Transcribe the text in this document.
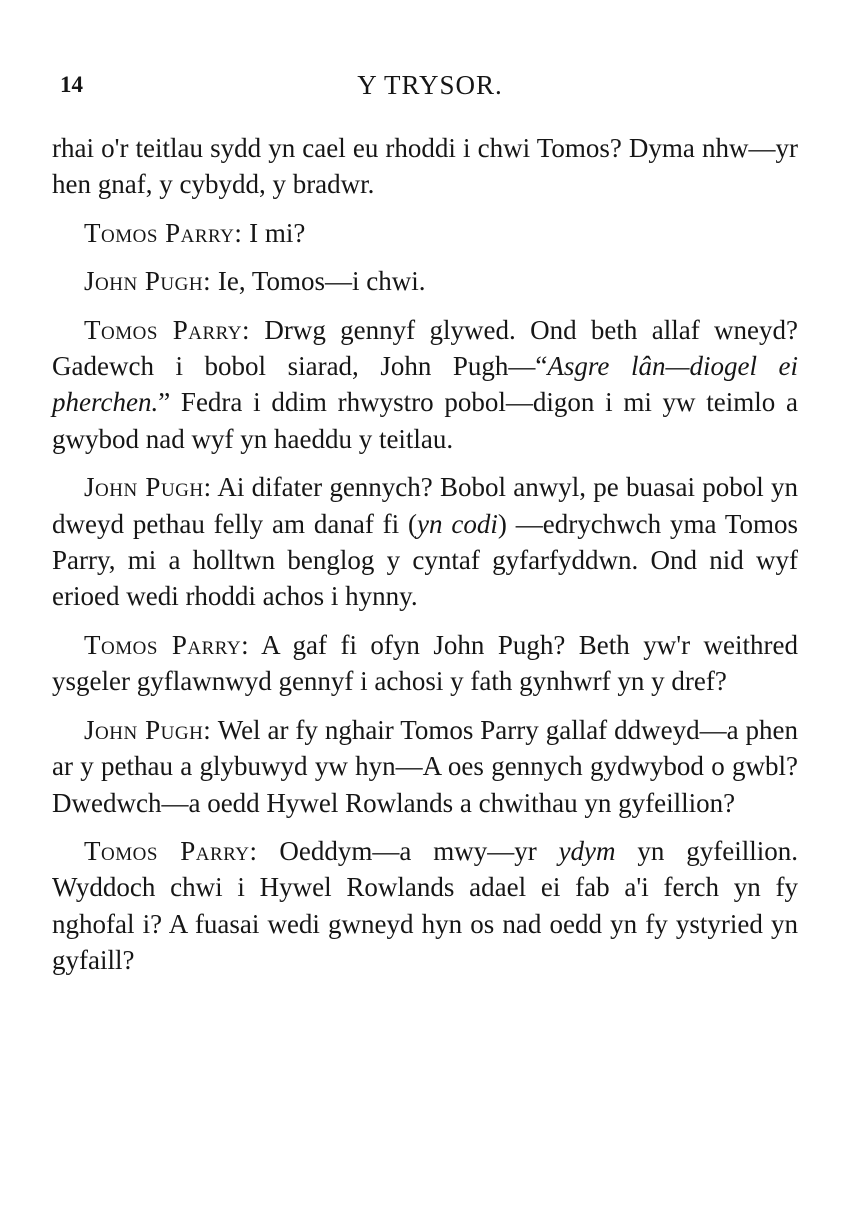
14	Y TRYSOR.

rhai o'r teitlau sydd yn cael eu rhoddi i chwi Tomos? Dyma nhw—yr hen gnaf, y cybydd, y bradwr.

Tomos Parry: I mi?

John Pugh: Ie, Tomos—i chwi.

Tomos Parry: Drwg gennyf glywed. Ond beth allaf wneyd? Gadewch i bobol siarad, John Pugh—“Asgre lân—diogel ei pherchen.” Fedra i ddim rhwystro pobol—digon i mi yw teimlo a gwybod nad wyf yn haeddu y teitlau.

John Pugh: Ai difater gennych? Bobol anwyl, pe buasai pobol yn dweyd pethau felly am danaf fi (yn codi) —edrychwch yma Tomos Parry, mi a holltwn benglog y cyntaf gyfarfyddwn. Ond nid wyf erioed wedi rhoddi achos i hynny.

Tomos Parry: A gaf fi ofyn John Pugh? Beth yw'r weithred ysgeler gyflawnwyd gennyf i achosi y fath gynhwrf yn y dref?

John Pugh: Wel ar fy nghair Tomos Parry gallaf ddweyd—a phen ar y pethau a glybuwyd yw hyn—A oes gennych gydwybod o gwbl? Dwedwch—a oedd Hywel Rowlands a chwithau yn gyfeillion?

Tomos Parry: Oeddym—a mwy—yr ydym yn gyfeillion. Wyddoch chwi i Hywel Rowlands adael ei fab a'i ferch yn fy nghofal i? A fuasai wedi gwneyd hyn os nad oedd yn fy ystyried yn gyfaill?
